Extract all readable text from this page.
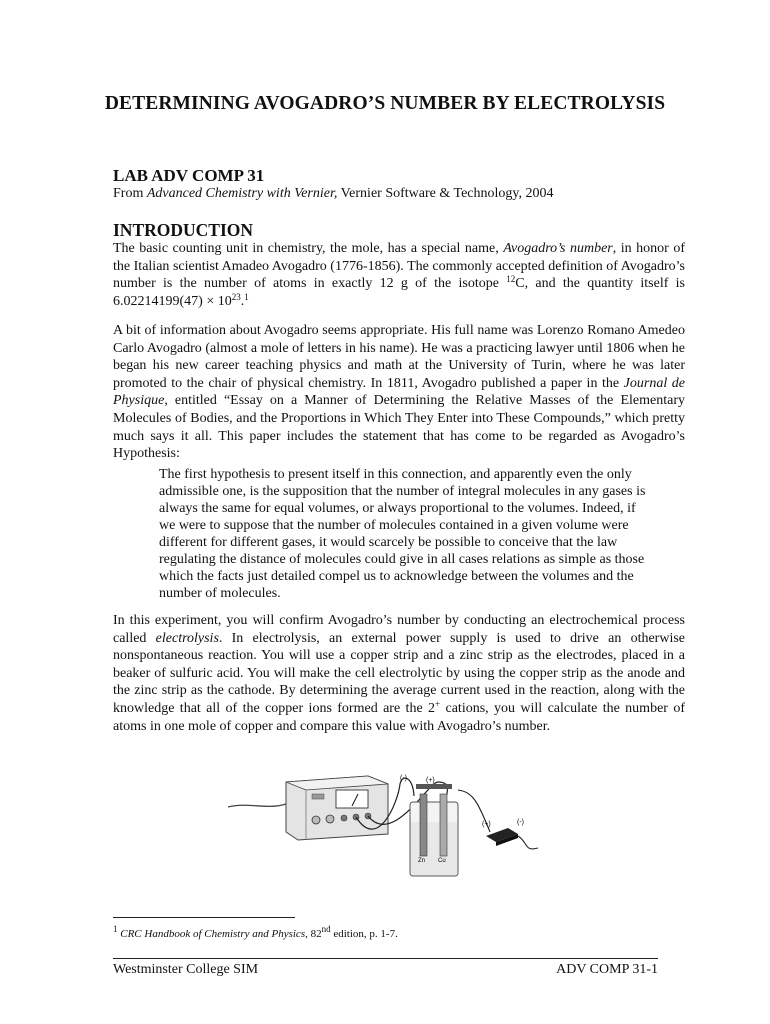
DETERMINING AVOGADRO’S NUMBER BY ELECTROLYSIS
LAB ADV COMP 31

From Advanced Chemistry with Vernier, Vernier Software & Technology, 2004

INTRODUCTION

The basic counting unit in chemistry, the mole, has a special name, Avogadro’s number, in honor of the Italian scientist Amadeo Avogadro (1776-1856). The commonly accepted definition of Avogadro’s number is the number of atoms in exactly 12 g of the isotope $^{12}$C, and the quantity itself is $6.02214199(47) \times 10^{23}.^1$

A bit of information about Avogadro seems appropriate. His full name was Lorenzo Romano Amedeo Carlo Avogadro (almost a mole of letters in his name). He was a practicing lawyer until 1806 when he began his new career teaching physics and math at the University of Turin, where he was later promoted to the chair of physical chemistry. In 1811, Avogadro published a paper in the Journal de Physique, entitled “Essay on a Manner of Determining the Relative Masses of the Elementary Molecules of Bodies, and the Proportions in Which They Enter into These Compounds,” which pretty much says it all. This paper includes the statement that has come to be regarded as Avogadro’s Hypothesis:

The first hypothesis to present itself in this connection, and apparently even the only admissible one, is the supposition that the number of integral molecules in any gases is always the same for equal volumes, or always proportional to the volumes. Indeed, if we were to suppose that the number of molecules contained in a given volume were different for different gases, it would scarcely be possible to conceive that the law regulating the distance of molecules could give in all cases relations as simple as those which the facts just detailed compel us to acknowledge between the volumes and the number of molecules.

In this experiment, you will confirm Avogadro’s number by conducting an electrochemical process called electrolysis. In electrolysis, an external power supply is used to drive an otherwise nonspontaneous reaction. You will use a copper strip and a zinc strip as the electrodes, placed in a beaker of sulfuric acid. You will make the cell electrolytic by using the copper strip as the anode and the zinc strip as the cathode. By determining the average current used in the reaction, along with the knowledge that all of the copper ions formed are the 2+ cations, you will calculate the number of atoms in one mole of copper and compare this value with Avogadro’s number.

(-)	(+)
Zn Cu
(+)	(-)

$^1$ CRC Handbook of Chemistry and Physics, 82nd edition, p. 1-7.

Westminster College SIM	ADV COMP 31-1
